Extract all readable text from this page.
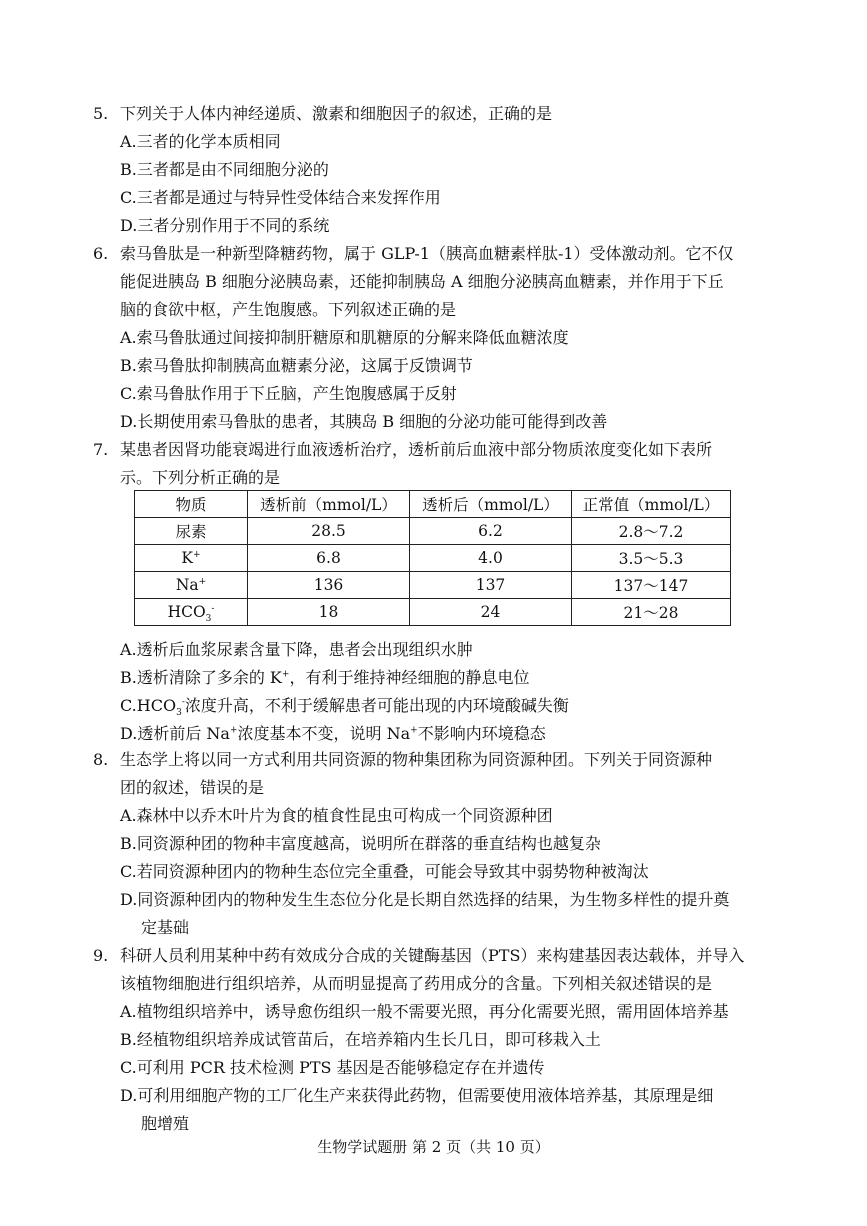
5. 下列关于人体内神经递质、激素和细胞因子的叙述，正确的是
A.三者的化学本质相同
B.三者都是由不同细胞分泌的
C.三者都是通过与特异性受体结合来发挥作用
D.三者分别作用于不同的系统
6. 索马鲁肽是一种新型降糖药物，属于 GLP-1（胰高血糖素样肽-1）受体激动剂。它不仅
能促进胰岛 B 细胞分泌胰岛素，还能抑制胰岛 A 细胞分泌胰高血糖素，并作用于下丘
脑的食欲中枢，产生饱腹感。下列叙述正确的是
A.索马鲁肽通过间接抑制肝糖原和肌糖原的分解来降低血糖浓度
B.索马鲁肽抑制胰高血糖素分泌，这属于反馈调节
C.索马鲁肽作用于下丘脑，产生饱腹感属于反射
D.长期使用索马鲁肽的患者，其胰岛 B 细胞的分泌功能可能得到改善
7. 某患者因肾功能衰竭进行血液透析治疗，透析前后血液中部分物质浓度变化如下表所
示。下列分析正确的是
物质	透析前（mmol/L）	透析后（mmol/L）	正常值（mmol/L）
尿素	28.5	6.2	2.8～7.2
K+	6.8	4.0	3.5～5.3
Na+	136	137	137～147
$HCO_3^-$	18	24	21～28
A.透析后血浆尿素含量下降，患者会出现组织水肿
B.透析清除了多余的 K+，有利于维持神经细胞的静息电位
$C.HCO_3^-$浓度升高，不利于缓解患者可能出现的内环境酸碱失衡
D.透析前后 Na+浓度基本不变，说明 Na+不影响内环境稳态
8. 生态学上将以同一方式利用共同资源的物种集团称为同资源种团。下列关于同资源种
团的叙述，错误的是
A.森林中以乔木叶片为食的植食性昆虫可构成一个同资源种团
B.同资源种团的物种丰富度越高，说明所在群落的垂直结构也越复杂
C.若同资源种团内的物种生态位完全重叠，可能会导致其中弱势物种被淘汰
D.同资源种团内的物种发生生态位分化是长期自然选择的结果，为生物多样性的提升奠
定基础
9. 科研人员利用某种中药有效成分合成的关键酶基因（PTS）来构建基因表达载体，并导入
该植物细胞进行组织培养，从而明显提高了药用成分的含量。下列相关叙述错误的是
A.植物组织培养中，诱导愈伤组织一般不需要光照，再分化需要光照，需用固体培养基
B.经植物组织培养成试管苗后，在培养箱内生长几日，即可移栽入土
C.可利用 PCR 技术检测 PTS 基因是否能够稳定存在并遗传
D.可利用细胞产物的工厂化生产来获得此药物，但需要使用液体培养基，其原理是细
胞增殖
生物学试题册 第 2 页（共 10 页）
